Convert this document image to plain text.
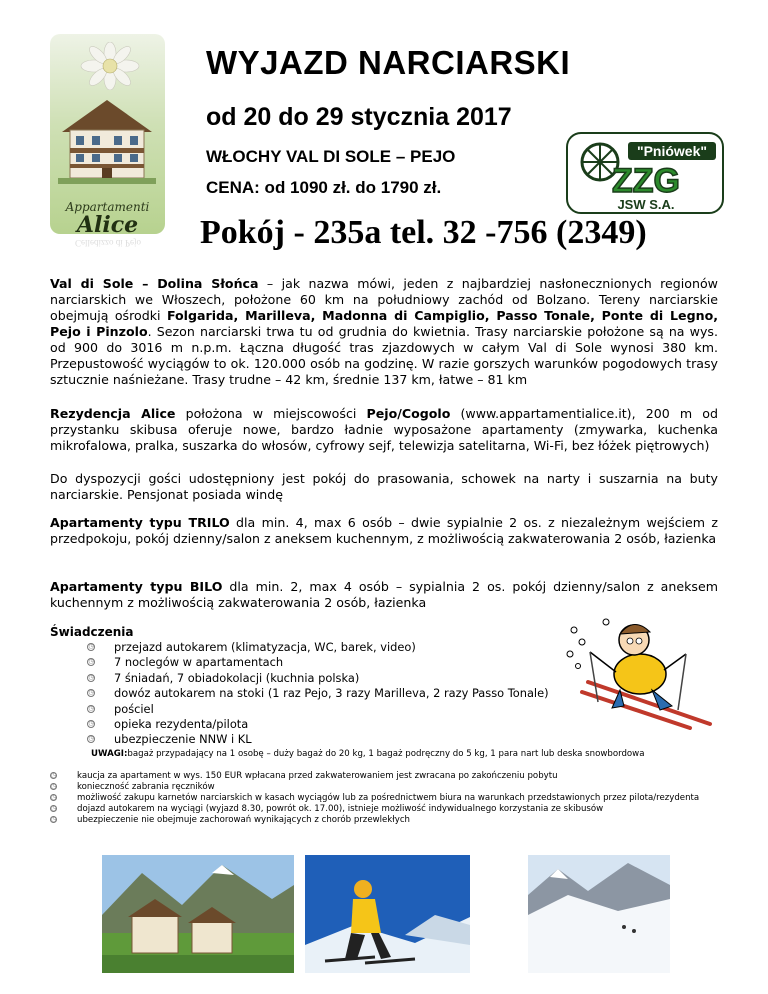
Appartamenti
Alice
Celledizzo di Pejo
WYJAZD NARCIARSKI
od 20 do 29 stycznia 2017
WŁOCHY VAL DI SOLE – PEJO
CENA: od 1090 zł. do 1790 zł.
Pokój - 235a tel. 32 -756 (2349)
"Pniówek"
ZZG
JSW S.A.
Val di Sole – Dolina Słońca – jak nazwa mówi, jeden z najbardziej nasłonecznionych regionów narciarskich we Włoszech, położone 60 km na południowy zachód od Bolzano. Tereny narciarskie obejmują ośrodki Folgarida, Marilleva, Madonna di Campiglio, Passo Tonale, Ponte di Legno, Pejo i Pinzolo. Sezon narciarski trwa tu od grudnia do kwietnia. Trasy narciarskie położone są na wys. od 900 do 3016 m n.p.m. Łączna długość tras zjazdowych w całym Val di Sole wynosi 380 km. Przepustowość wyciągów to ok. 120.000 osób na godzinę. W razie gorszych warunków pogodowych trasy sztucznie naśnieżane. Trasy trudne – 42 km, średnie 137 km, łatwe – 81 km
Rezydencja Alice położona w miejscowości Pejo/Cogolo (www.appartamentialice.it), 200 m od przystanku skibusa oferuje nowe, bardzo ładnie wyposażone apartamenty (zmywarka, kuchenka mikrofalowa, pralka, suszarka do włosów, cyfrowy sejf, telewizja satelitarna, Wi-Fi, bez łóżek piętrowych)
Do dyspozycji gości udostępniony jest pokój do prasowania, schowek na narty i suszarnia na buty narciarskie. Pensjonat posiada windę
Apartamenty typu TRILO dla min. 4, max 6 osób – dwie sypialnie 2 os. z niezależnym wejściem z przedpokoju, pokój dzienny/salon z aneksem kuchennym, z możliwością zakwaterowania 2 osób, łazienka
Apartamenty typu BILO dla min. 2, max 4 osób – sypialnia 2 os. pokój dzienny/salon z aneksem kuchennym z możliwością zakwaterowania 2 osób, łazienka
Świadczenia
◷ przejazd autokarem (klimatyzacja, WC, barek, video)
◷ 7 noclegów w apartamentach
◷ 7 śniadań, 7 obiadokolacji (kuchnia polska)
◷ dowóz autokarem na stoki (1 raz Pejo, 3 razy Marilleva, 2 razy Passo Tonale)
◷ pościel
◷ opieka rezydenta/pilota
◷ ubezpieczenie NNW i KL
UWAGI:bagaż przypadający na 1 osobę – duży bagaż do 20 kg, 1 bagaż podręczny do 5 kg, 1 para nart lub deska snowbordowa
◷ kaucja za apartament w wys. 150 EUR wpłacana przed zakwaterowaniem jest zwracana po zakończeniu pobytu
◷ konieczność zabrania ręczników
◷ możliwość zakupu karnetów narciarskich w kasach wyciągów lub za pośrednictwem biura na warunkach przedstawionych przez pilota/rezydenta
◷ dojazd autokarem na wyciągi (wyjazd 8.30, powrót ok. 17.00), istnieje możliwość indywidualnego korzystania ze skibusów
◷ ubezpieczenie nie obejmuje zachorowań wynikających z chorób przewlekłych
